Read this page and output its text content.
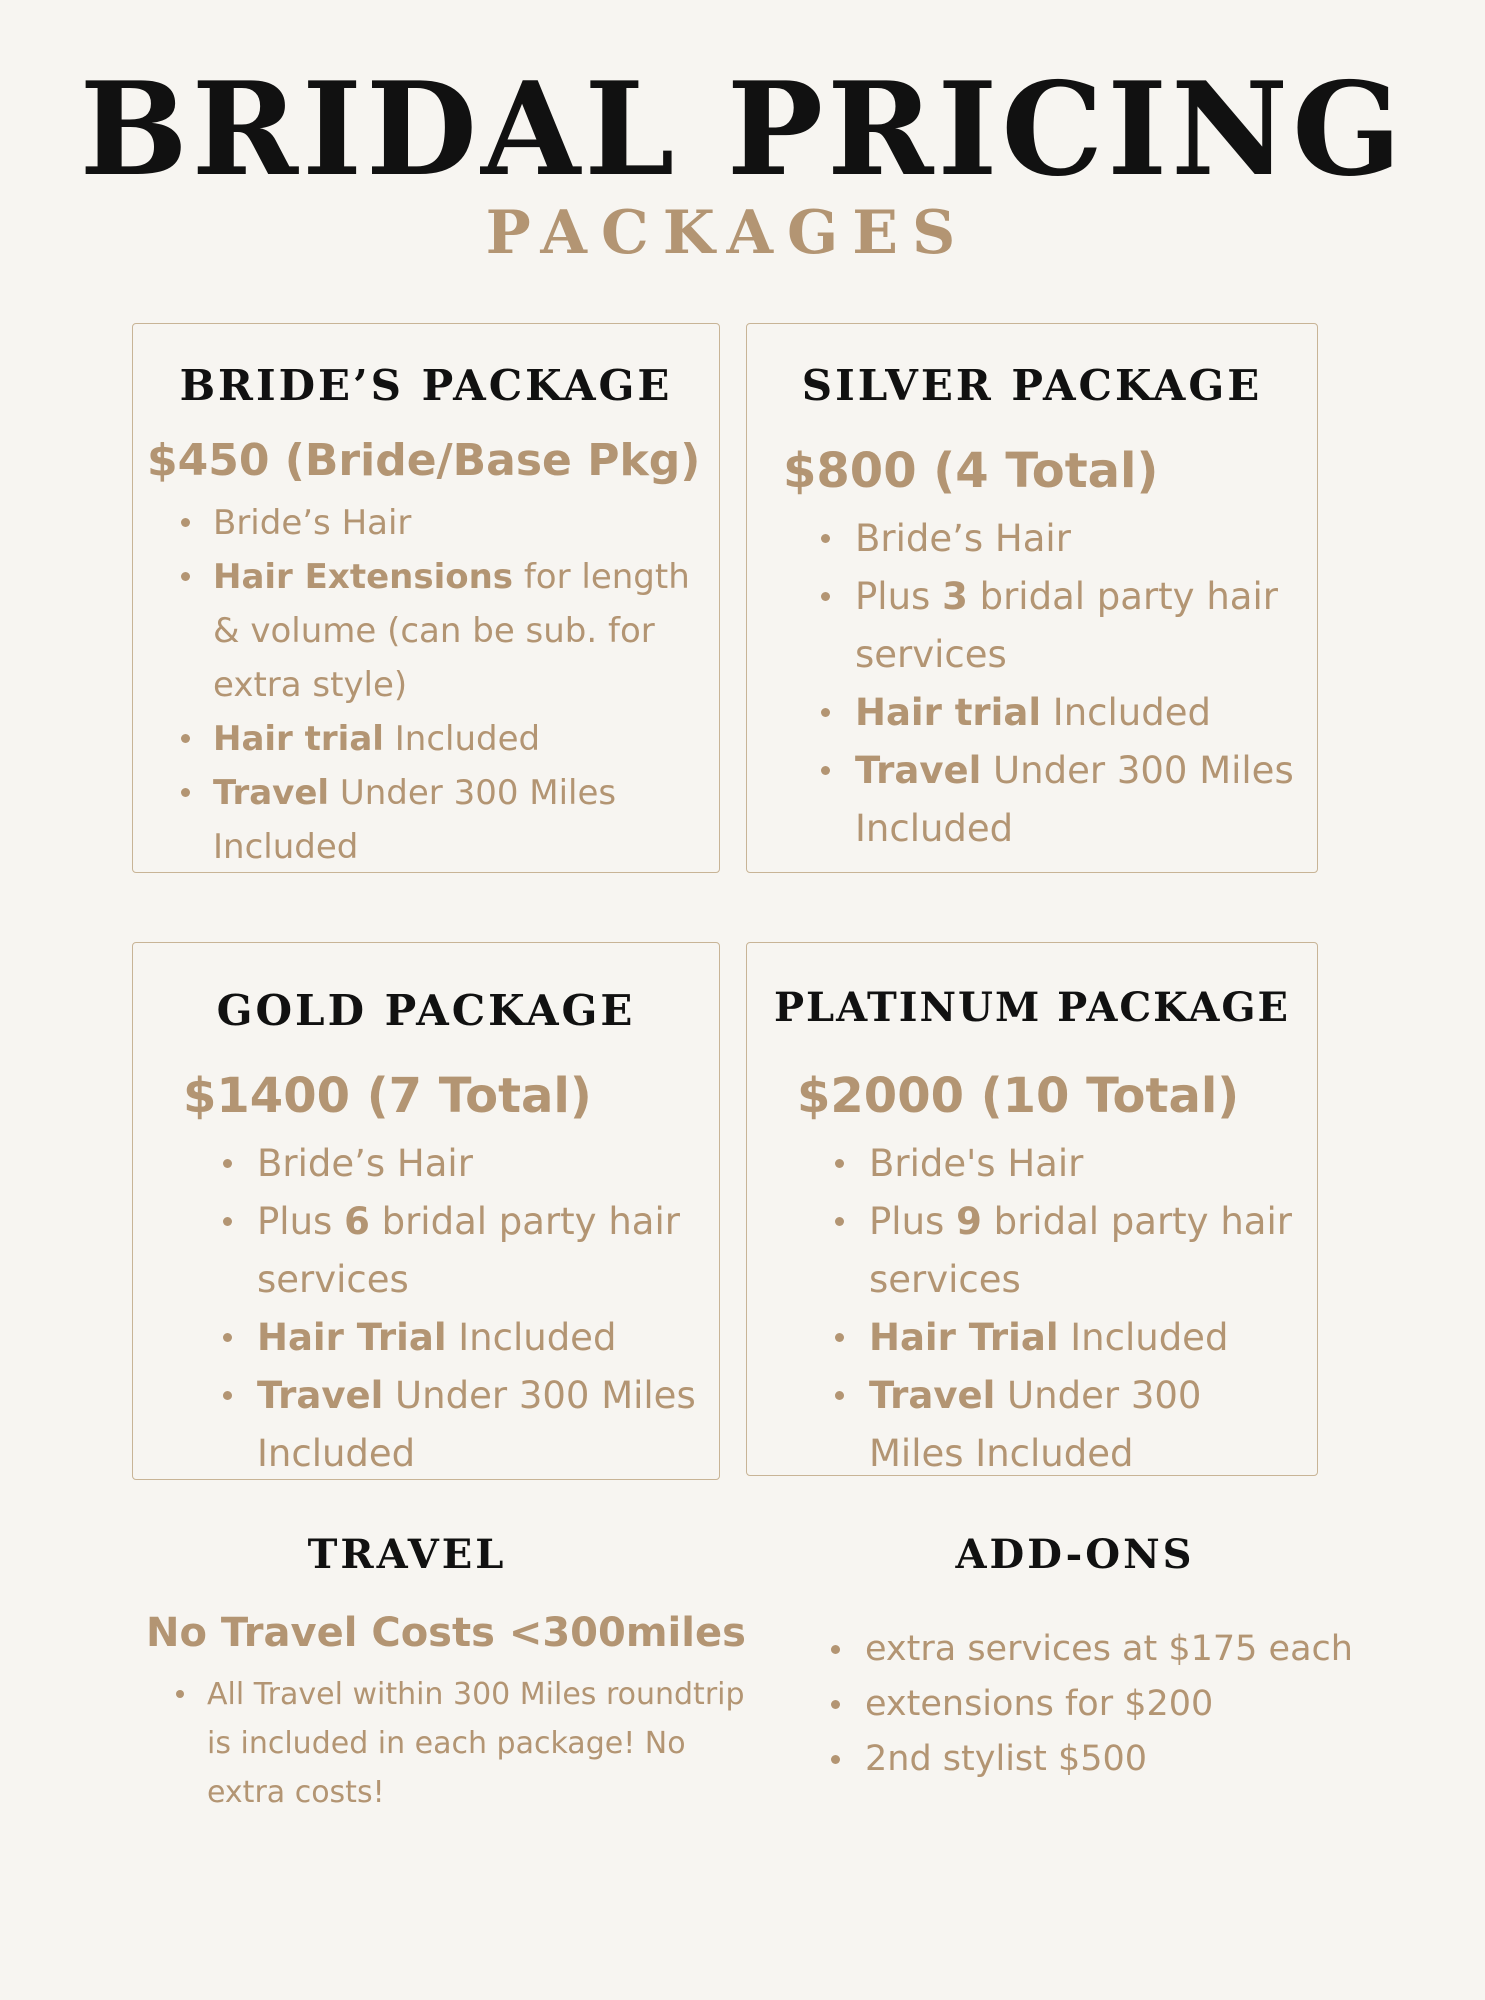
BRIDAL PRICING
PACKAGES
BRIDE’S PACKAGE
$450 (Bride/Base Pkg)
Bride’s Hair
Hair Extensions for length & volume (can be sub. for extra style)
Hair trial Included
Travel Under 300 Miles Included
SILVER PACKAGE
$800 (4 Total)
Bride’s Hair
Plus 3 bridal party hair services
Hair trial Included
Travel Under 300 Miles Included
GOLD PACKAGE
$1400 (7 Total)
Bride’s Hair
Plus 6 bridal party hair services
Hair Trial Included
Travel Under 300 Miles Included
PLATINUM PACKAGE
$2000 (10 Total)
Bride's Hair
Plus 9 bridal party hair services
Hair Trial Included
Travel Under 300 Miles Included
TRAVEL
No Travel Costs <300miles
All Travel within 300 Miles roundtrip is included in each package! No extra costs!
ADD-ONS
extra services at $175 each
extensions for $200
2nd stylist $500
